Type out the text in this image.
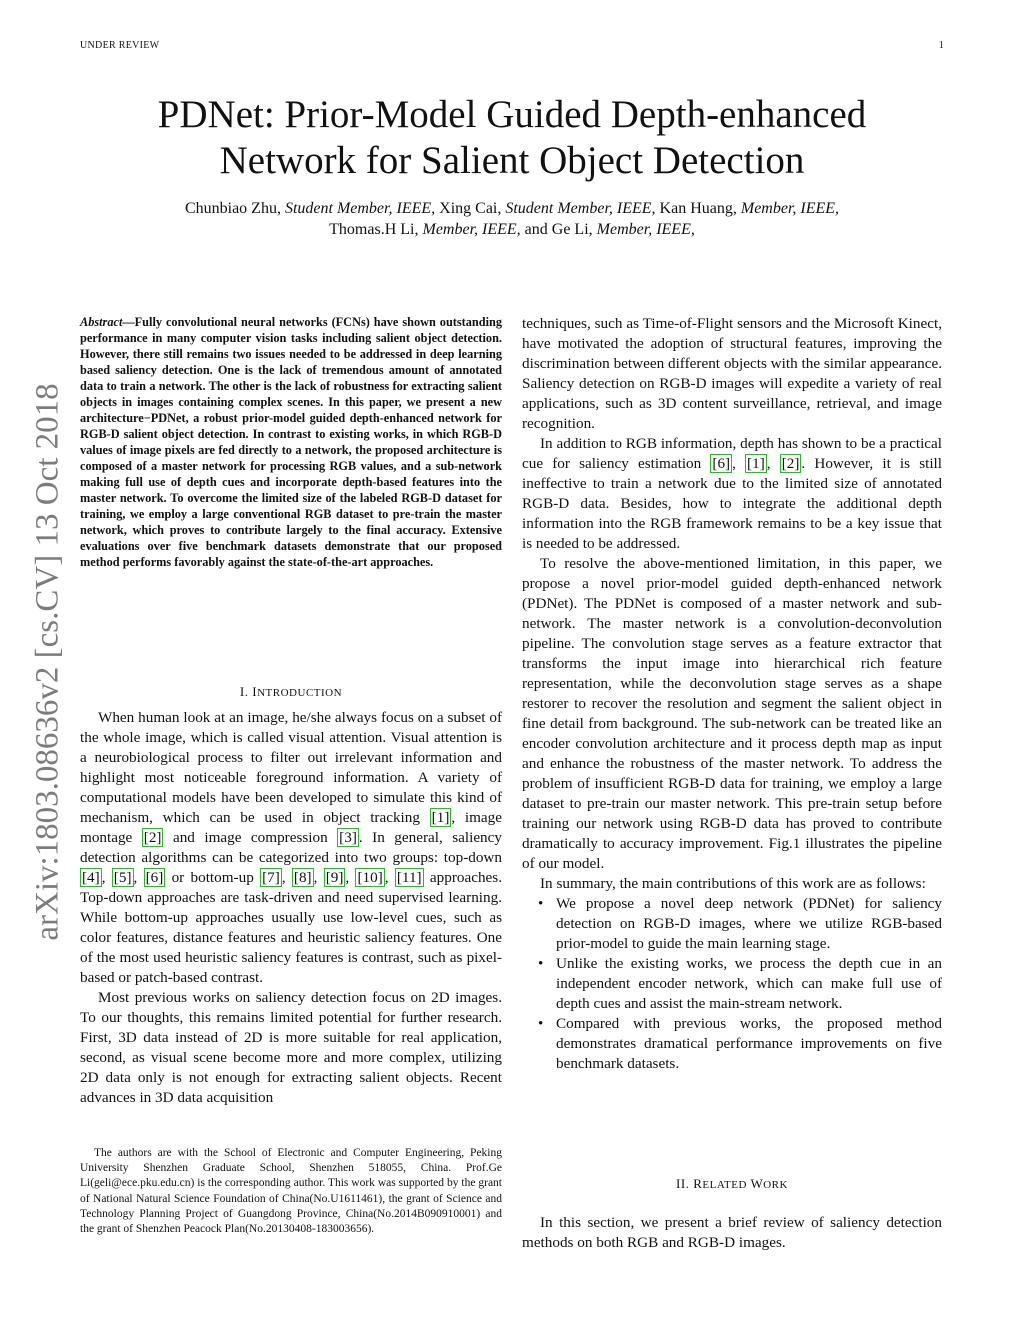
UNDER REVIEW	1
PDNet: Prior-Model Guided Depth-enhanced
Network for Salient Object Detection
Chunbiao Zhu, Student Member, IEEE, Xing Cai, Student Member, IEEE, Kan Huang, Member, IEEE,
Thomas.H Li, Member, IEEE, and Ge Li, Member, IEEE,
arXiv:1803.08636v2 [cs.CV] 13 Oct 2018

Abstract—Fully convolutional neural networks (FCNs) have shown outstanding performance in many computer vision tasks including salient object detection. However, there still remains two issues needed to be addressed in deep learning based saliency detection. One is the lack of tremendous amount of annotated data to train a network. The other is the lack of robustness for extracting salient objects in images containing complex scenes. In this paper, we present a new architecture−PDNet, a robust prior-model guided depth-enhanced network for RGB-D salient object detection. In contrast to existing works, in which RGB-D values of image pixels are fed directly to a network, the proposed architecture is composed of a master network for processing RGB values, and a sub-network making full use of depth cues and incorporate depth-based features into the master network. To overcome the limited size of the labeled RGB-D dataset for training, we employ a large conventional RGB dataset to pre-train the master network, which proves to contribute largely to the final accuracy. Extensive evaluations over five benchmark datasets demonstrate that our proposed method performs favorably against the state-of-the-art approaches.

I. INTRODUCTION

When human look at an image, he/she always focus on a subset of the whole image, which is called visual attention. Visual attention is a neurobiological process to filter out irrelevant information and highlight most noticeable foreground information. A variety of computational models have been developed to simulate this kind of mechanism, which can be used in object tracking [1] , image montage [2] and image compression [3] . In general, saliency detection algorithms can be categorized into two groups: top-down [4] , [5] , [6] or bottom-up [7] , [8] , [9] , [10] , [11] approaches. Top-down approaches are task-driven and need supervised learning. While bottom-up approaches usually use low-level cues, such as color features, distance features and heuristic saliency features. One of the most used heuristic saliency features is contrast, such as pixel-based or patch-based contrast.

Most previous works on saliency detection focus on 2D images. To our thoughts, this remains limited potential for further research. First, 3D data instead of 2D is more suitable for real application, second, as visual scene become more and more complex, utilizing 2D data only is not enough for extracting salient objects. Recent advances in 3D data acquisition

The authors are with the School of Electronic and Computer Engineering, Peking University Shenzhen Graduate School, Shenzhen 518055, China. Prof.Ge Li(geli@ece.pku.edu.cn) is the corresponding author. This work was supported by the grant of National Natural Science Foundation of China(No.U1611461), the grant of Science and Technology Planning Project of Guangdong Province, China(No.2014B090910001) and the grant of Shenzhen Peacock Plan(No.20130408-183003656).

techniques, such as Time-of-Flight sensors and the Microsoft Kinect, have motivated the adoption of structural features, improving the discrimination between different objects with the similar appearance. Saliency detection on RGB-D images will expedite a variety of real applications, such as 3D content surveillance, retrieval, and image recognition.

In addition to RGB information, depth has shown to be a practical cue for saliency estimation [6] , [1] , [2] . However, it is still ineffective to train a network due to the limited size of annotated RGB-D data. Besides, how to integrate the additional depth information into the RGB framework remains to be a key issue that is needed to be addressed.

To resolve the above-mentioned limitation, in this paper, we propose a novel prior-model guided depth-enhanced network (PDNet). The PDNet is composed of a master network and sub-network. The master network is a convolution-deconvolution pipeline. The convolution stage serves as a feature extractor that transforms the input image into hierarchical rich feature representation, while the deconvolution stage serves as a shape restorer to recover the resolution and segment the salient object in fine detail from background. The sub-network can be treated like an encoder convolution architecture and it process depth map as input and enhance the robustness of the master network. To address the problem of insufficient RGB-D data for training, we employ a large dataset to pre-train our master network. This pre-train setup before training our network using RGB-D data has proved to contribute dramatically to accuracy improvement. Fig.1 illustrates the pipeline of our model.

In summary, the main contributions of this work are as follows:

• We propose a novel deep network (PDNet) for saliency detection on RGB-D images, where we utilize RGB-based prior-model to guide the main learning stage.
• Unlike the existing works, we process the depth cue in an independent encoder network, which can make full use of depth cues and assist the main-stream network.
• Compared with previous works, the proposed method demonstrates dramatical performance improvements on five benchmark datasets.
II. RELATED WORK

In this section, we present a brief review of saliency detection methods on both RGB and RGB-D images.
